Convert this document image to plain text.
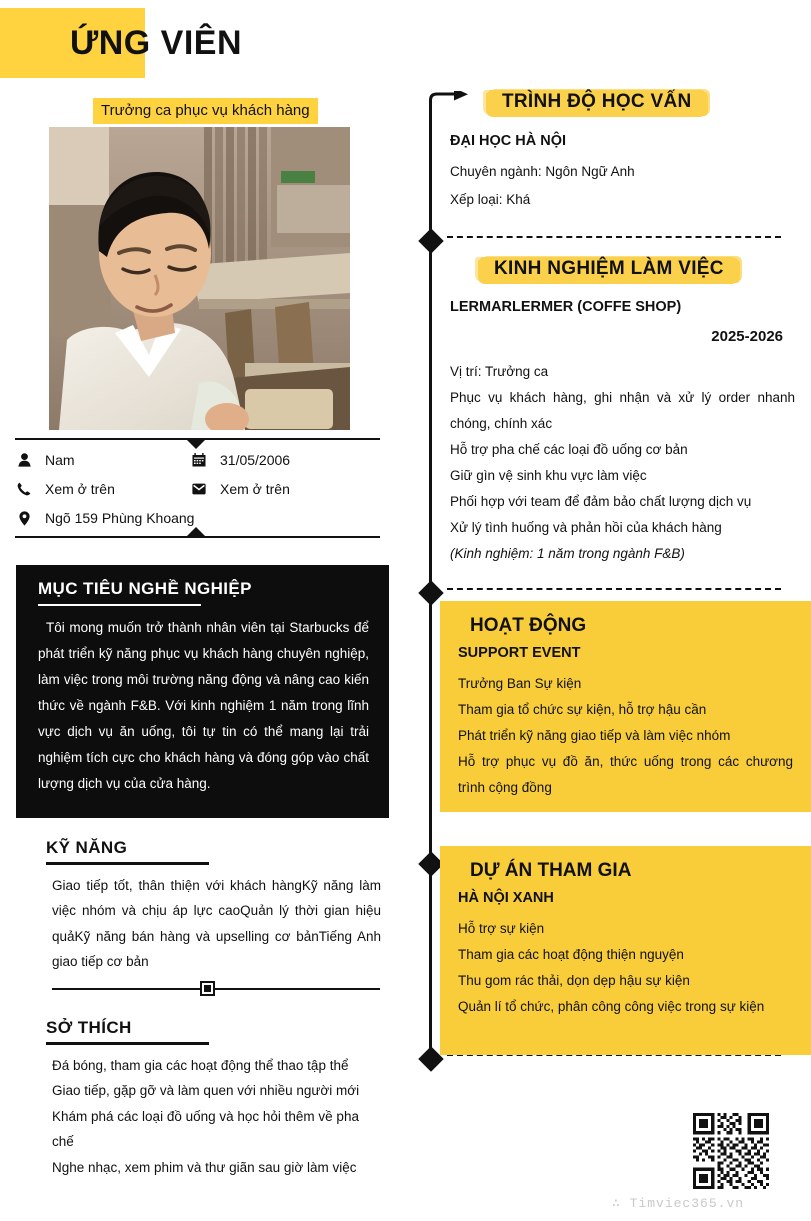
ỨNG VIÊN
Trưởng ca phục vụ khách hàng
Nam	31/05/2006
Xem ở trên	Xem ở trên
Ngõ 159 Phùng Khoang
MỤC TIÊU NGHỀ NGHIỆP

Tôi mong muốn trở thành nhân viên tại Starbucks để phát triển kỹ năng phục vụ khách hàng chuyên nghiệp, làm việc trong môi trường năng động và nâng cao kiến thức về ngành F&B. Với kinh nghiệm 1 năm trong lĩnh vực dịch vụ ăn uống, tôi tự tin có thể mang lại trải nghiệm tích cực cho khách hàng và đóng góp vào chất lượng dịch vụ của cửa hàng.

KỸ NĂNG
Giao tiếp tốt, thân thiện với khách hàngKỹ năng làm việc nhóm và chịu áp lực caoQuản lý thời gian hiệu quảKỹ năng bán hàng và upselling cơ bảnTiếng Anh giao tiếp cơ bản
SỞ THÍCH
Đá bóng, tham gia các hoạt động thể thao tập thể
Giao tiếp, gặp gỡ và làm quen với nhiều người mới
Khám phá các loại đồ uống và học hỏi thêm về pha chế
Nghe nhạc, xem phim và thư giãn sau giờ làm việc
TRÌNH ĐỘ HỌC VẤN
ĐẠI HỌC HÀ NỘI
Chuyên ngành: Ngôn Ngữ Anh
Xếp loại: Khá
KINH NGHIỆM LÀM VIỆC
LERMARLERMER (COFFE SHOP)
2025-2026
Vị trí: Trưởng ca
Phục vụ khách hàng, ghi nhận và xử lý order nhanh chóng, chính xác
Hỗ trợ pha chế các loại đồ uống cơ bản
Giữ gìn vệ sinh khu vực làm việc
Phối hợp với team để đảm bảo chất lượng dịch vụ
Xử lý tình huống và phản hồi của khách hàng
(Kinh nghiệm: 1 năm trong ngành F&B)
HOẠT ĐỘNG
SUPPORT EVENT
Trưởng Ban Sự kiện
Tham gia tổ chức sự kiện, hỗ trợ hậu cần
Phát triển kỹ năng giao tiếp và làm việc nhóm
Hỗ trợ phục vụ đồ ăn, thức uống trong các chương trình cộng đồng
DỰ ÁN THAM GIA
HÀ NỘI XANH
Hỗ trợ sự kiện
Tham gia các hoạt động thiện nguyện
Thu gom rác thải, dọn dẹp hậu sự kiện
Quản lí tổ chức, phân công công việc trong sự kiện
∴ Timviec365.vn
